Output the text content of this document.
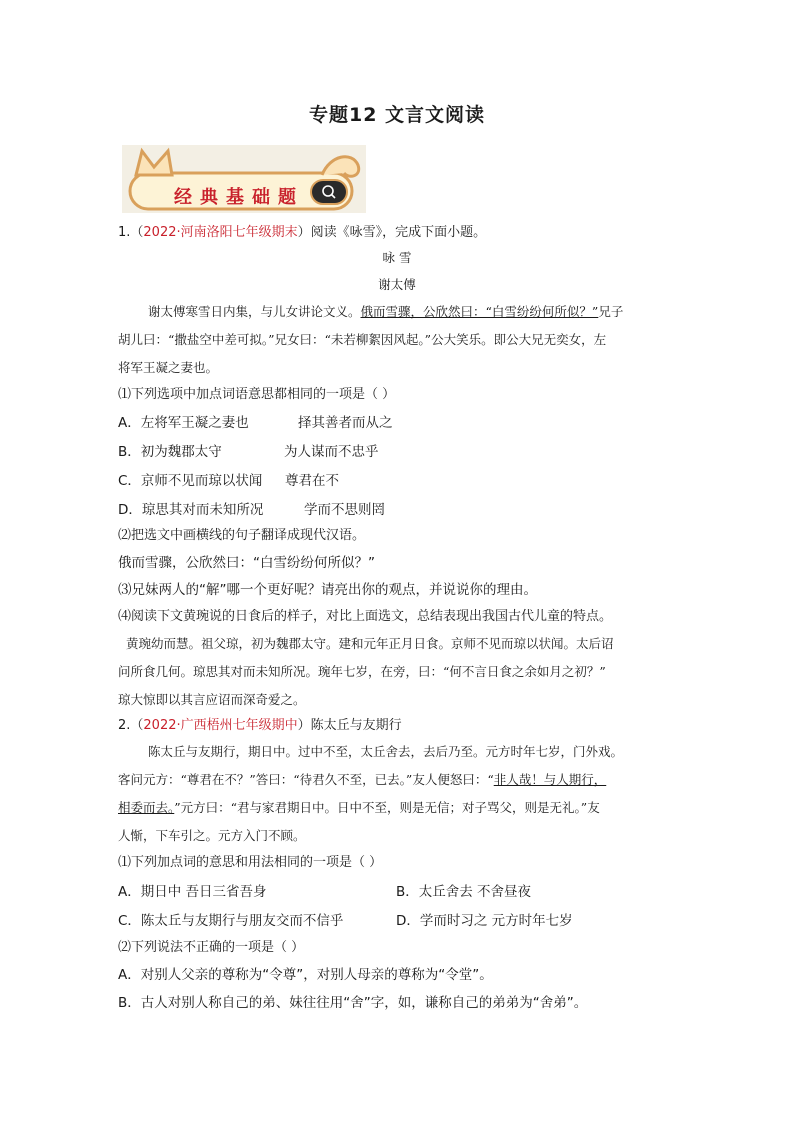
专题12 文言文阅读
经典基础题
1.（2022·河南洛阳七年级期末）阅读《咏雪》，完成下面小题。
咏 雪
谢太傅
谢太傅寒雪日内集，与儿女讲论文义。俄而雪骤，公欣然曰：“白雪纷纷何所似？”兄子
胡儿曰：“撒盐空中差可拟。”兄女曰：“未若柳絮因风起。”公大笑乐。即公大兄无奕女，左
将军王凝之妻也。
⑴下列选项中加点词语意思都相同的一项是（ ）
A．左将军王凝之妻也	择其善者而从之
B．初为魏郡太守	为人谋而不忠乎
C．京师不见而琼以状闻 尊君在不
D．琼思其对而未知所况	学而不思则罔
⑵把选文中画横线的句子翻译成现代汉语。
俄而雪骤，公欣然曰：“白雪纷纷何所似？”
⑶兄妹两人的“解”哪一个更好呢？请亮出你的观点，并说说你的理由。
⑷阅读下文黄琬说的日食后的样子，对比上面选文，总结表现出我国古代儿童的特点。
黄琬幼而慧。祖父琼，初为魏郡太守。建和元年正月日食。京师不见而琼以状闻。太后诏
问所食几何。琼思其对而未知所况。琬年七岁，在旁，曰：“何不言日食之余如月之初？”
琼大惊即以其言应诏而深奇爱之。
2.（2022·广西梧州七年级期中）陈太丘与友期行
陈太丘与友期行，期日中。过中不至，太丘舍去，去后乃至。元方时年七岁，门外戏。
客问元方：“尊君在不？”答曰：“待君久不至，已去。”友人便怒曰：“非人哉！与人期行，
相委而去。”元方曰：“君与家君期日中。日中不至，则是无信；对子骂父，则是无礼。”友
人惭，下车引之。元方入门不顾。
⑴下列加点词的意思和用法相同的一项是（ ）
A．期日中 吾日三省吾身	B．太丘舍去 不舍昼夜
C．陈太丘与友期行与朋友交而不信乎	D．学而时习之 元方时年七岁
⑵下列说法不正确的一项是（ ）
A．对别人父亲的尊称为“令尊”，对别人母亲的尊称为“令堂”。
B．古人对别人称自己的弟、妹往往用“舍”字，如，谦称自己的弟弟为“舍弟”。
